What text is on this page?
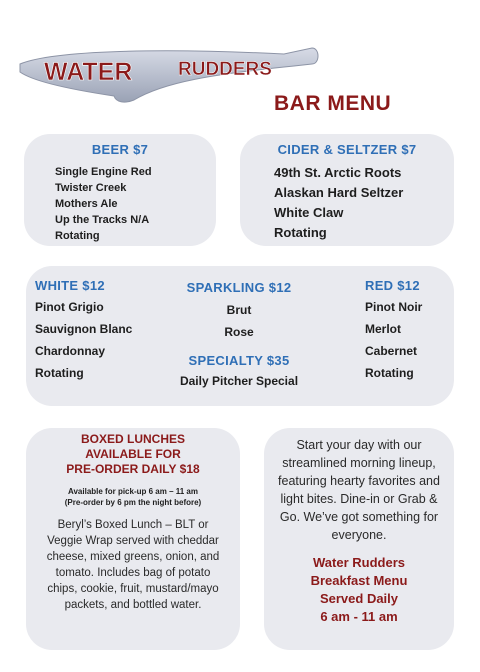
WATER RUDDERS
BAR MENU
BEER $7
Single Engine Red
Twister Creek
Mothers Ale
Up the Tracks N/A
Rotating
CIDER & SELTZER $7
49th St. Arctic Roots
Alaskan Hard Seltzer
White Claw
Rotating
WHITE $12
Pinot Grigio
Sauvignon Blanc
Chardonnay
Rotating
SPARKLING $12
Brut
Rose
SPECIALTY $35
Daily Pitcher Special
RED $12
Pinot Noir
Merlot
Cabernet
Rotating
BOXED LUNCHES
AVAILABLE FOR
PRE-ORDER DAILY $18
Available for pick-up 6 am – 11 am
(Pre-order by 6 pm the night before)
Beryl’s Boxed Lunch – BLT or Veggie Wrap served with cheddar cheese, mixed greens, onion, and tomato. Includes bag of potato chips, cookie, fruit, mustard/mayo packets, and bottled water.
Start your day with our streamlined morning lineup, featuring hearty favorites and light bites. Dine-in or Grab & Go. We’ve got something for everyone.
Water Rudders
Breakfast Menu
Served Daily
6 am - 11 am
